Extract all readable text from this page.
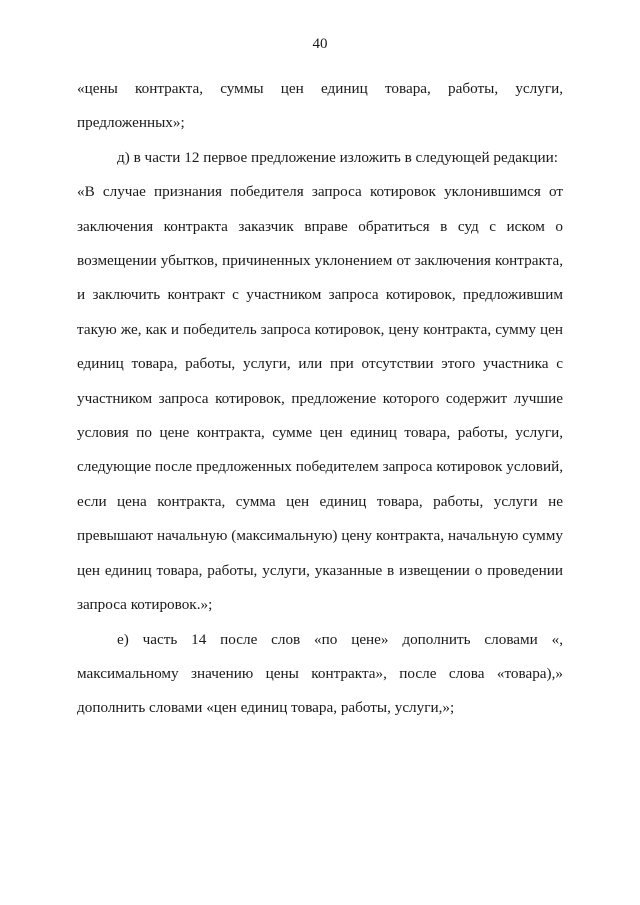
40

«цены контракта, суммы цен единиц товара, работы, услуги, предложенных»;

д) в части 12 первое предложение изложить в следующей редакции:

«В случае признания победителя запроса котировок уклонившимся от заключения контракта заказчик вправе обратиться в суд с иском о возмещении убытков, причиненных уклонением от заключения контракта, и заключить контракт с участником запроса котировок, предложившим такую же, как и победитель запроса котировок, цену контракта, сумму цен единиц товара, работы, услуги, или при отсутствии этого участника с участником запроса котировок, предложение которого содержит лучшие условия по цене контракта, сумме цен единиц товара, работы, услуги, следующие после предложенных победителем запроса котировок условий, если цена контракта, сумма цен единиц товара, работы, услуги не превышают начальную (максимальную) цену контракта, начальную сумму цен единиц товара, работы, услуги, указанные в извещении о проведении запроса котировок.»;

е) часть 14 после слов «по цене» дополнить словами «, максимальному значению цены контракта», после слова «товара),» дополнить словами «цен единиц товара, работы, услуги,»;
